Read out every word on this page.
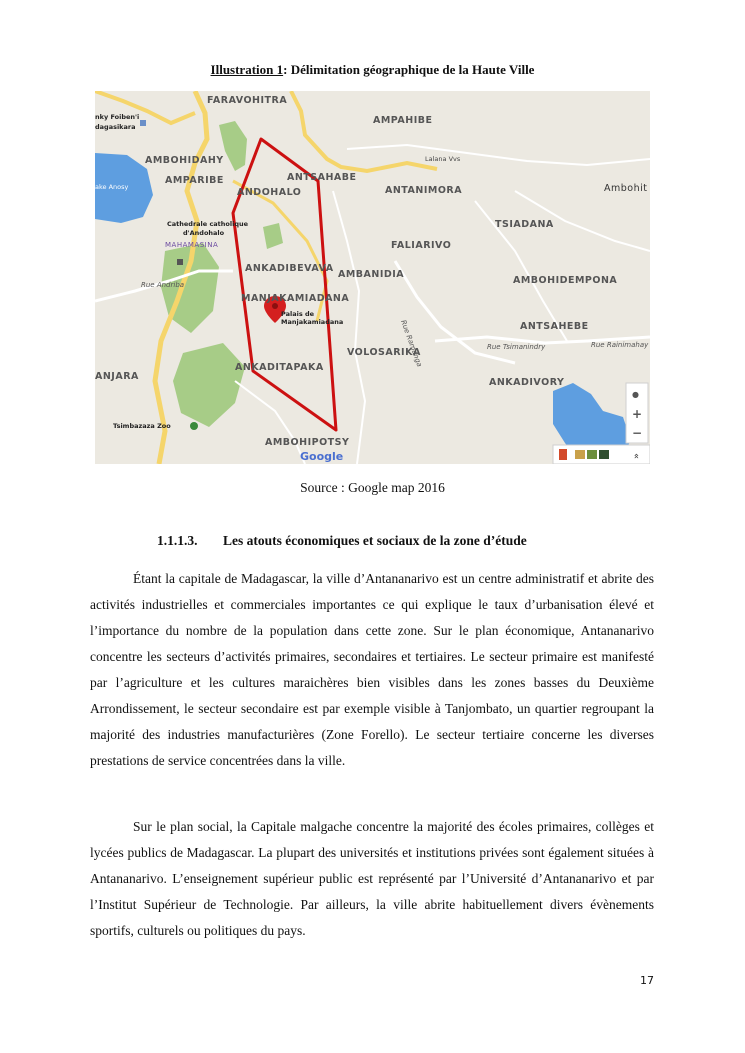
Illustration 1: Délimitation géographique de la Haute Ville
FARAVOHITRA
AMPAHIBE
nky Foiben'i
dagasikara
AMBOHIDAHY
ake Anosy
AMPARIBE	ANTSAHABE
ANDOHALO
Lalana Vvs
ANTANIMORA	Ambohit
Cathedrale catholique
d'Andohalo
TSIADANA
MAHAMASINA	FALIARIVO
ANKADIBEVAVA
AMBANIDIA
AMBOHIDEMPONA
Rue Andriba
MANJAKAMIADANA
Palais de
Manjakamiadana	ANTSAHEBE
Rue Tsimanindry	Rue Rainimahay
VOLOSARIKA
ANJARA
ANKADITAPAKA
ANKADIVORY
Tsimbazaza Zoo
AMBOHIPOTSY
Rue Ramanga
Google
●
+
−
»
Source : Google map 2016
1.1.1.3. Les atouts économiques et sociaux de la zone d’étude

Étant la capitale de Madagascar, la ville d’Antananarivo est un centre administratif et abrite des activités industrielles et commerciales importantes ce qui explique le taux d’urbanisation élevé et l’importance du nombre de la population dans cette zone. Sur le plan économique, Antananarivo concentre les secteurs d’activités primaires, secondaires et tertiaires. Le secteur primaire est manifesté par l’agriculture et les cultures maraichères bien visibles dans les zones basses du Deuxième Arrondissement, le secteur secondaire est par exemple visible à Tanjombato, un quartier regroupant la majorité des industries manufacturières (Zone Forello). Le secteur tertiaire concerne les diverses prestations de service concentrées dans la ville.

Sur le plan social, la Capitale malgache concentre la majorité des écoles primaires, collèges et lycées publics de Madagascar. La plupart des universités et institutions privées sont également situées à Antananarivo. L’enseignement supérieur public est représenté par l’Université d’Antananarivo et par l’Institut Supérieur de Technologie. Par ailleurs, la ville abrite habituellement divers évènements sportifs, culturels ou politiques du pays.

17
